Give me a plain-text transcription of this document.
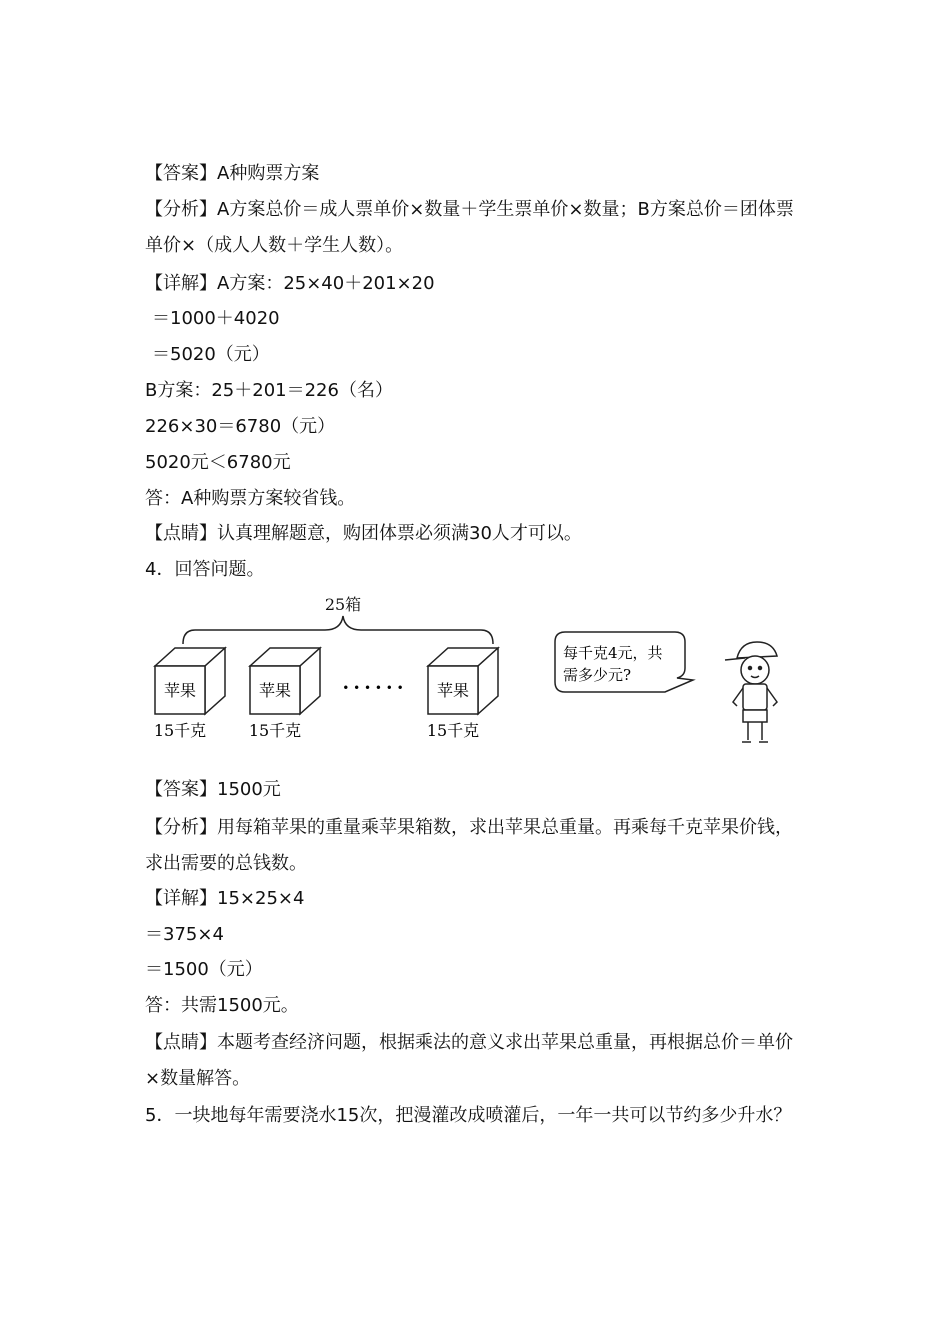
【答案】A种购票方案
【分析】A方案总价＝成人票单价×数量＋学生票单价×数量；B方案总价＝团体票单价×（成人人数＋学生人数）。
【详解】A方案：25×40＋201×20
＝1000＋4020
＝5020（元）
B方案：25＋201＝226（名）
226×30＝6780（元）
5020元＜6780元
答：A种购票方案较省钱。
【点睛】认真理解题意，购团体票必须满30人才可以。
4．回答问题。
25箱
苹果
15千克
苹果
15千克
• • • • • • 苹果
15千克
每千克4元，共
需多少元?
【答案】1500元
【分析】用每箱苹果的重量乘苹果箱数，求出苹果总重量。再乘每千克苹果价钱，求出需要的总钱数。
【详解】15×25×4
＝375×4
＝1500（元）
答：共需1500元。
【点睛】本题考查经济问题，根据乘法的意义求出苹果总重量，再根据总价＝单价×数量解答。
5．一块地每年需要浇水15次，把漫灌改成喷灌后，一年一共可以节约多少升水？
